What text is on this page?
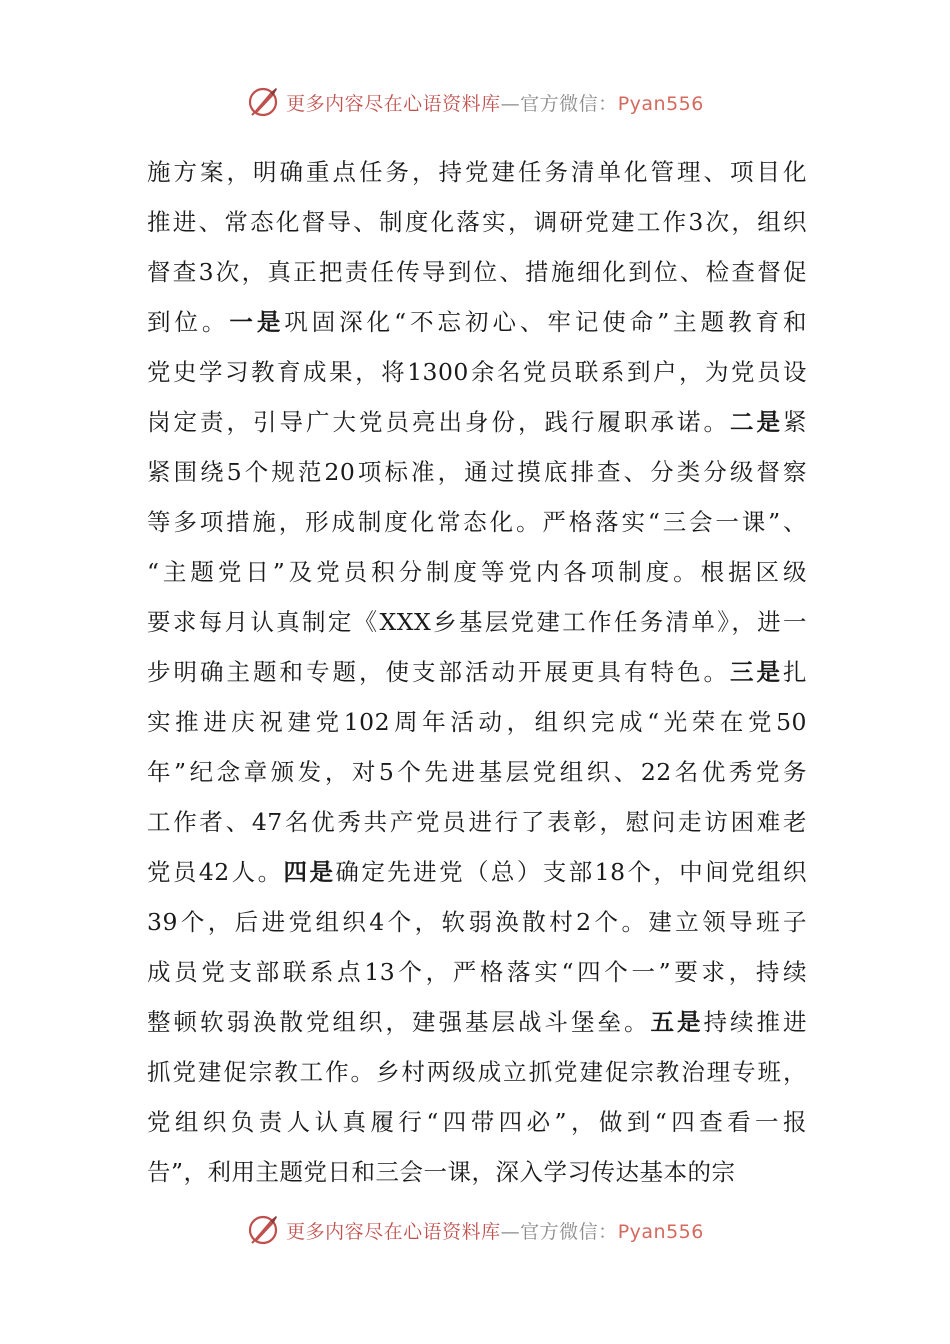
更多内容尽在心语资料库—官方微信：Pyan556
施方案，明确重点任务，持党建任务清单化管理、项目化
推进、常态化督导、制度化落实，调研党建工作3次，组织
督查3次，真正把责任传导到位、措施细化到位、检查督促
到位。一是巩固深化“不忘初心、牢记使命”主题教育和
党史学习教育成果，将1300余名党员联系到户，为党员设
岗定责，引导广大党员亮出身份，践行履职承诺。二是紧
紧围绕5个规范20项标准，通过摸底排查、分类分级督察
等多项措施，形成制度化常态化。严格落实“三会一课”、
“主题党日”及党员积分制度等党内各项制度。根据区级
要求每月认真制定《XXX乡基层党建工作任务清单》，进一
步明确主题和专题，使支部活动开展更具有特色。三是扎
实推进庆祝建党102周年活动，组织完成“光荣在党50
年”纪念章颁发，对5个先进基层党组织、22名优秀党务
工作者、47名优秀共产党员进行了表彰，慰问走访困难老
党员42人。四是确定先进党（总）支部18个，中间党组织
39个，后进党组织4个，软弱涣散村2个。建立领导班子
成员党支部联系点13个，严格落实“四个一”要求，持续
整顿软弱涣散党组织，建强基层战斗堡垒。五是持续推进
抓党建促宗教工作。乡村两级成立抓党建促宗教治理专班，
党组织负责人认真履行“四带四必”，做到“四查看一报
告”，利用主题党日和三会一课，深入学习传达基本的宗
更多内容尽在心语资料库—官方微信：Pyan556
